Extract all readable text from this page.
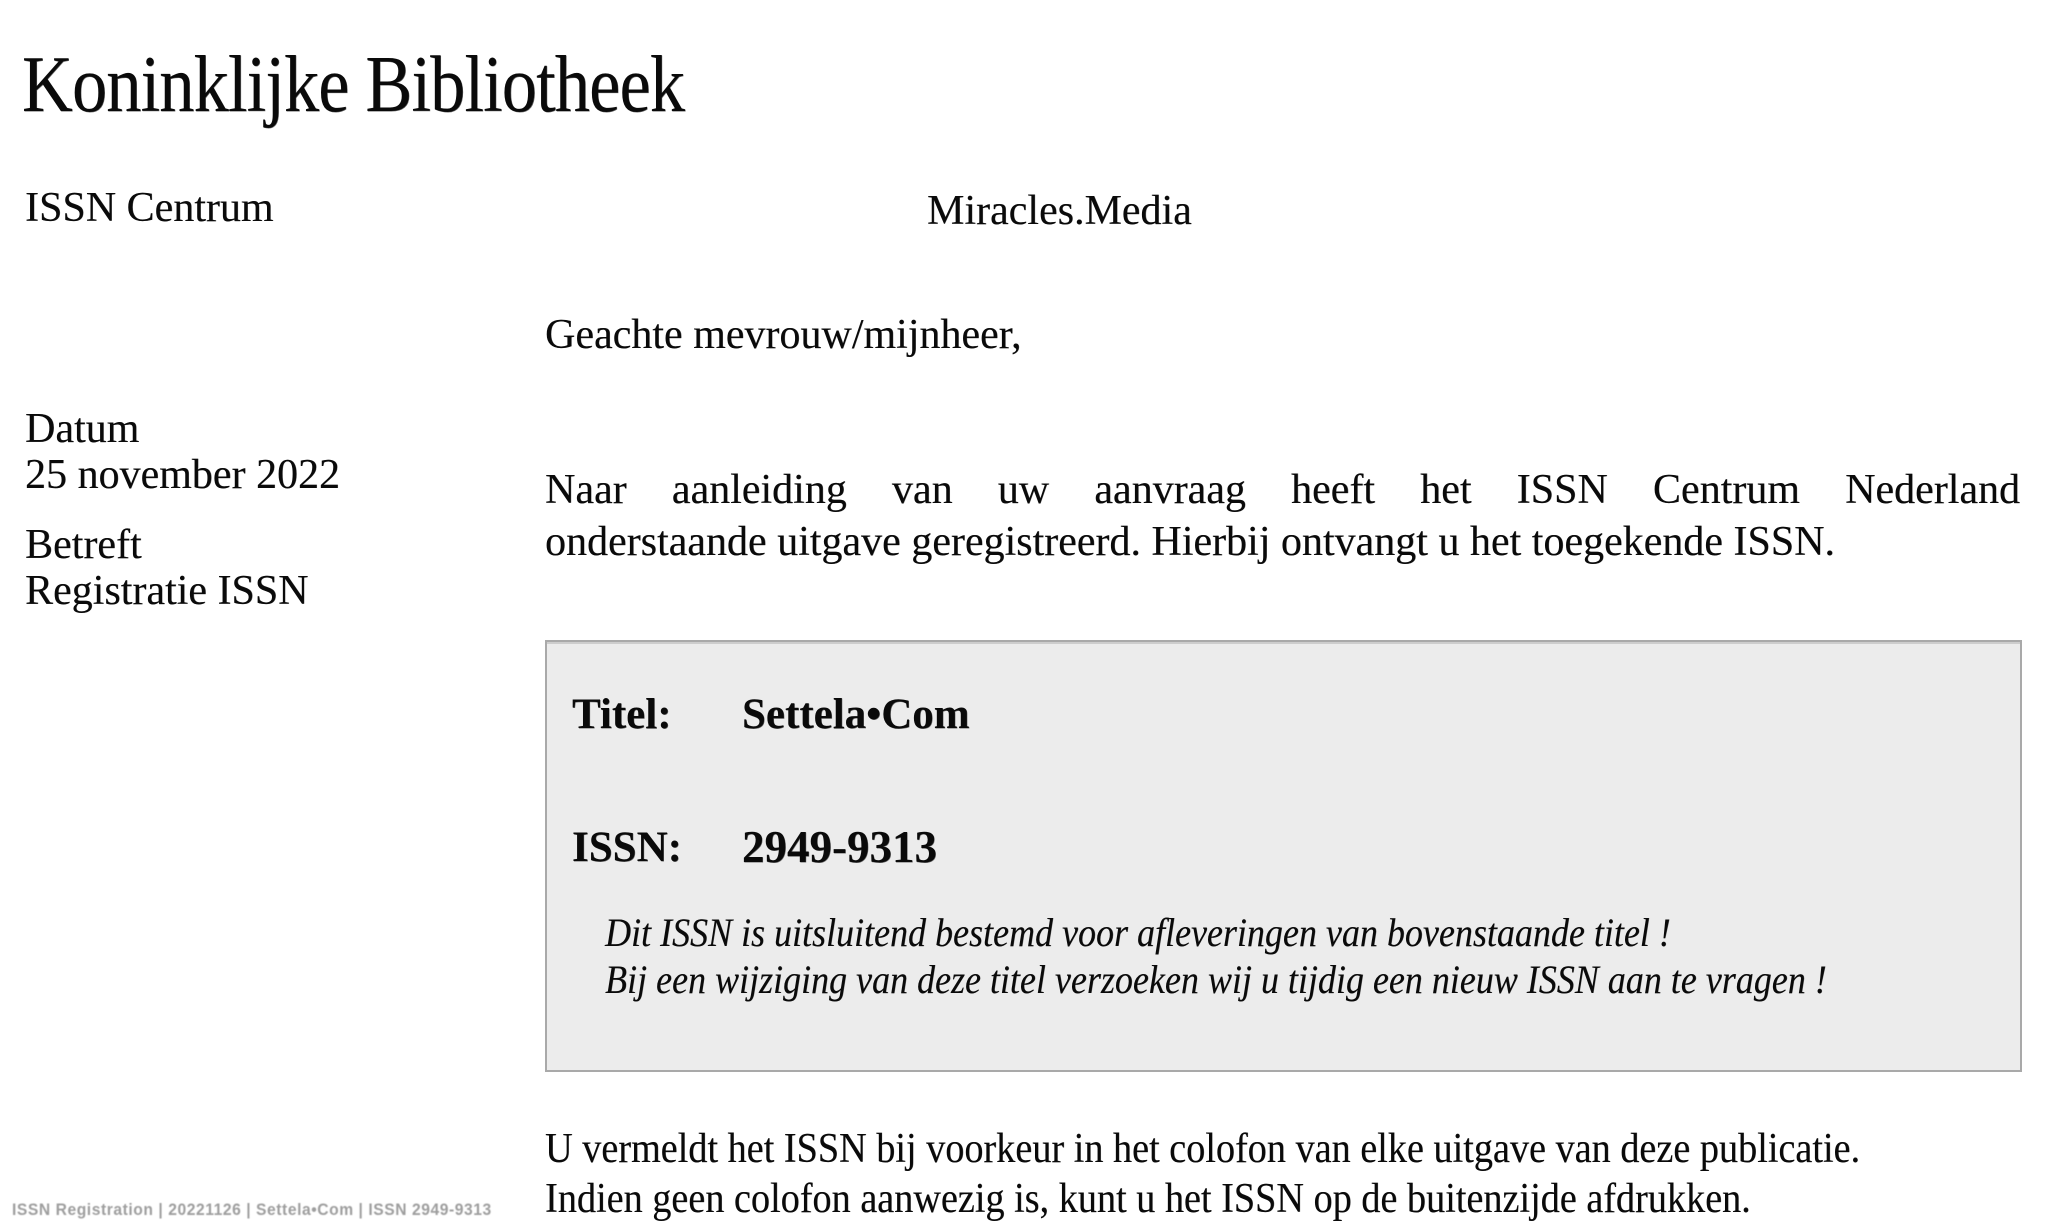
Koninklijke Bibliotheek
ISSN Centrum	Miracles.Media
Geachte mevrouw/mijnheer,
Datum
25 november 2022
Betreft
Registratie ISSN
Naar aanleiding van uw aanvraag heeft het ISSN Centrum Nederland
onderstaande uitgave geregistreerd. Hierbij ontvangt u het toegekende ISSN.
Titel: Settela•Com
ISSN: 2949-9313
Dit ISSN is uitsluitend bestemd voor afleveringen van bovenstaande titel !
Bij een wijziging van deze titel verzoeken wij u tijdig een nieuw ISSN aan te vragen !
U vermeldt het ISSN bij voorkeur in het colofon van elke uitgave van deze publicatie.
Indien geen colofon aanwezig is, kunt u het ISSN op de buitenzijde afdrukken.
ISSN Registration | 20221126 | Settela•Com | ISSN 2949-9313
